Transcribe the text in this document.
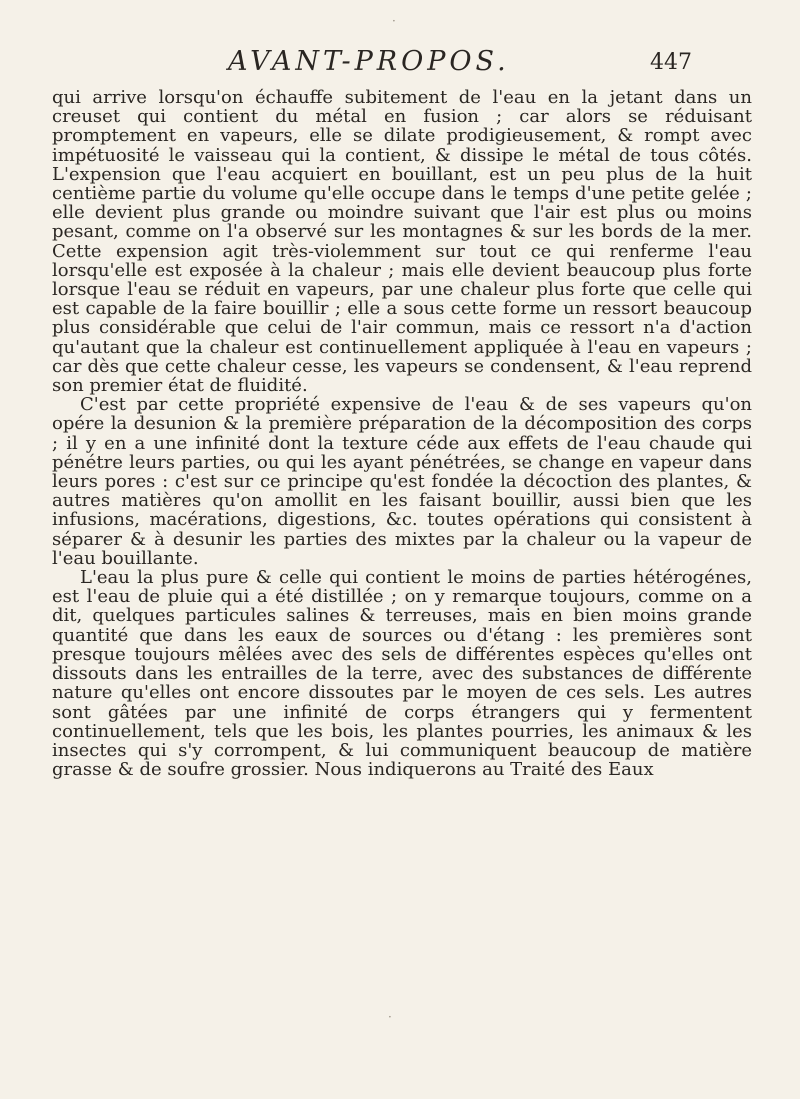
AVANT-PROPOS.	447

qui arrive lorsqu'on échauffe subitement de l'eau en la jetant dans un creuset qui contient du métal en fusion ; car alors se réduisant promptement en vapeurs, elle se dilate prodigieusement, & rompt avec impétuosité le vaisseau qui la contient, & dissipe le métal de tous côtés. L'expension que l'eau acquiert en bouillant, est un peu plus de la huit centième partie du volume qu'elle occupe dans le temps d'une petite gelée ; elle devient plus grande ou moindre suivant que l'air est plus ou moins pesant, comme on l'a observé sur les montagnes & sur les bords de la mer. Cette expension agit très-violemment sur tout ce qui renferme l'eau lorsqu'elle est exposée à la chaleur ; mais elle devient beaucoup plus forte lorsque l'eau se réduit en vapeurs, par une chaleur plus forte que celle qui est capable de la faire bouillir ; elle a sous cette forme un ressort beaucoup plus considérable que celui de l'air commun, mais ce ressort n'a d'action qu'autant que la chaleur est continuellement appliquée à l'eau en vapeurs ; car dès que cette chaleur cesse, les vapeurs se condensent, & l'eau reprend son premier état de fluidité.

C'est par cette propriété expensive de l'eau & de ses vapeurs qu'on opére la desunion & la première préparation de la décomposition des corps ; il y en a une infinité dont la texture céde aux effets de l'eau chaude qui pénétre leurs parties, ou qui les ayant pénétrées, se change en vapeur dans leurs pores : c'est sur ce principe qu'est fondée la décoction des plantes, & autres matières qu'on amollit en les faisant bouillir, aussi bien que les infusions, macérations, digestions, &c. toutes opérations qui consistent à séparer & à desunir les parties des mixtes par la chaleur ou la vapeur de l'eau bouillante.

L'eau la plus pure & celle qui contient le moins de parties hétérogénes, est l'eau de pluie qui a été distillée ; on y remarque toujours, comme on a dit, quelques particules salines & terreuses, mais en bien moins grande quantité que dans les eaux de sources ou d'étang : les premières sont presque toujours mêlées avec des sels de différentes espèces qu'elles ont dissouts dans les entrailles de la terre, avec des substances de différente nature qu'elles ont encore dissoutes par le moyen de ces sels. Les autres sont gâtées par une infinité de corps étrangers qui y fermentent continuellement, tels que les bois, les plantes pourries, les animaux & les insectes qui s'y corrompent, & lui communiquent beaucoup de matière grasse & de soufre grossier. Nous indiquerons au Traité des Eaux

·
·
